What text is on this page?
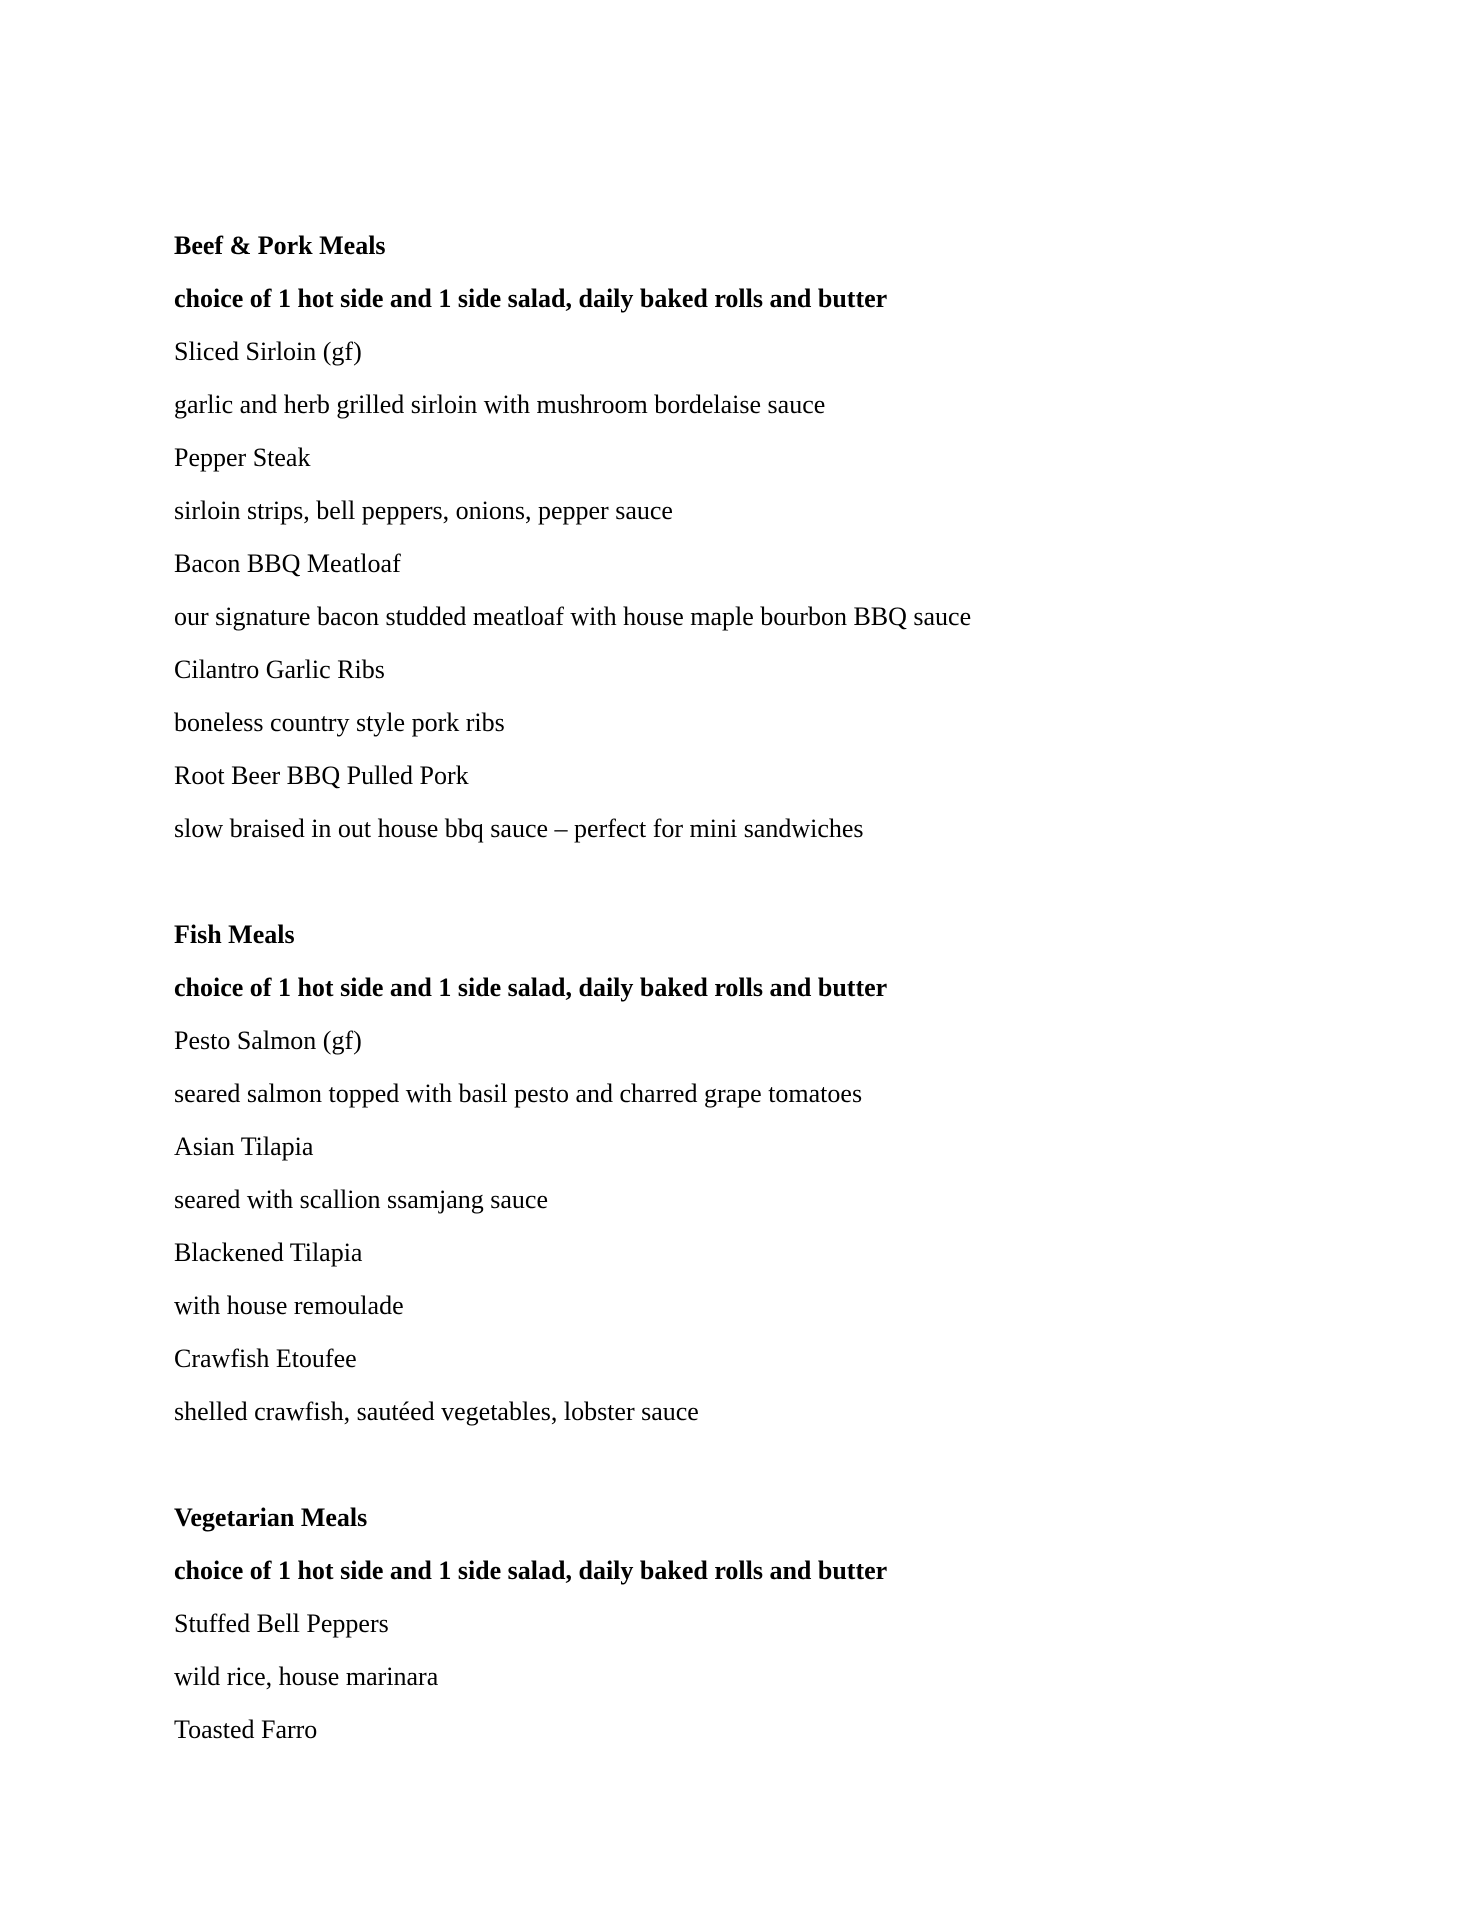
Beef & Pork Meals
choice of 1 hot side and 1 side salad, daily baked rolls and butter
Sliced Sirloin (gf)
garlic and herb grilled sirloin with mushroom bordelaise sauce
Pepper Steak
sirloin strips, bell peppers, onions, pepper sauce
Bacon BBQ Meatloaf
our signature bacon studded meatloaf with house maple bourbon BBQ sauce
Cilantro Garlic Ribs
boneless country style pork ribs
Root Beer BBQ Pulled Pork
slow braised in out house bbq sauce – perfect for mini sandwiches
Fish Meals
choice of 1 hot side and 1 side salad, daily baked rolls and butter
Pesto Salmon (gf)
seared salmon topped with basil pesto and charred grape tomatoes
Asian Tilapia
seared with scallion ssamjang sauce
Blackened Tilapia
with house remoulade
Crawfish Etoufee
shelled crawfish, sautéed vegetables, lobster sauce
Vegetarian Meals
choice of 1 hot side and 1 side salad, daily baked rolls and butter
Stuffed Bell Peppers
wild rice, house marinara
Toasted Farro
